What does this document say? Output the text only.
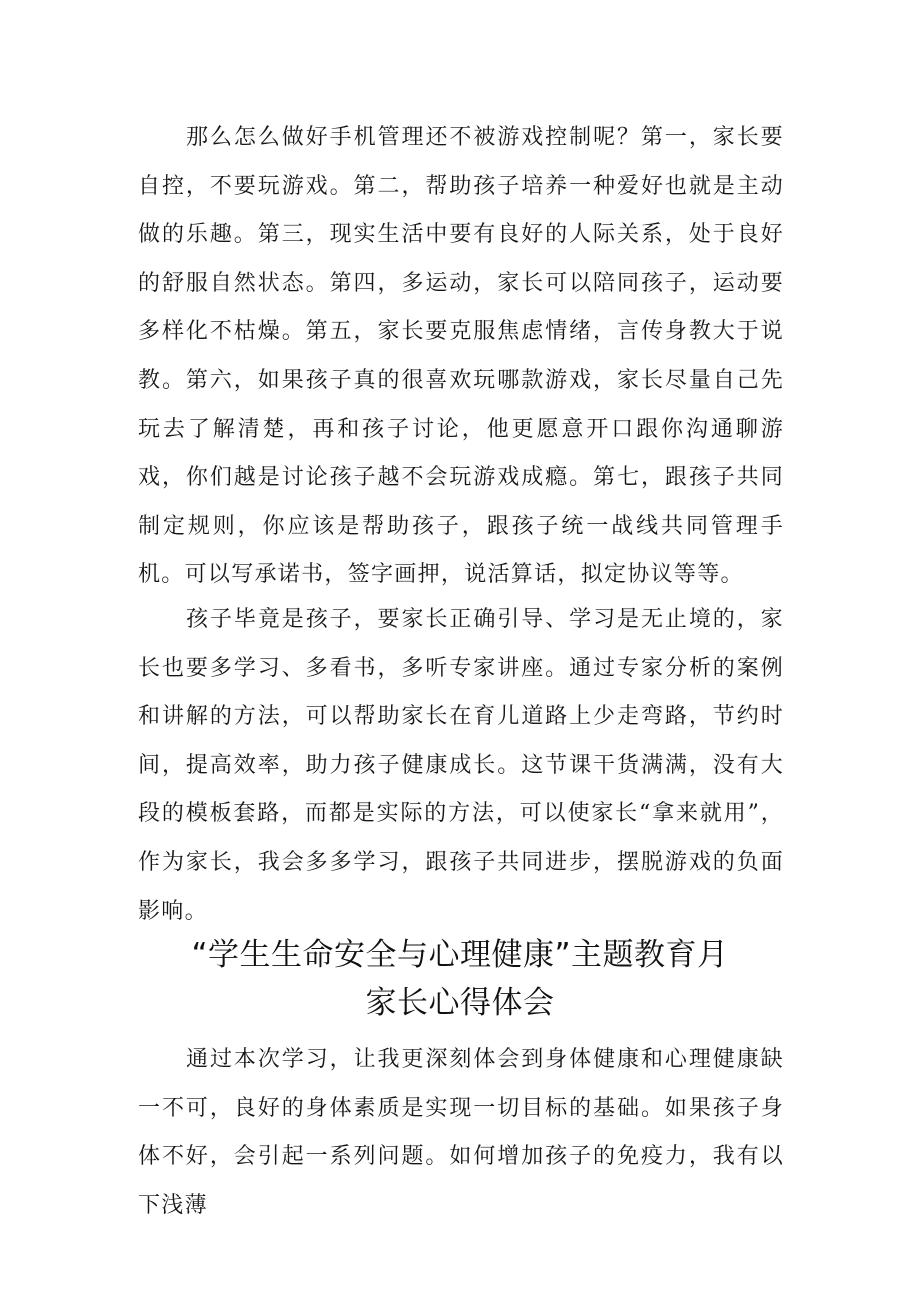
那么怎么做好手机管理还不被游戏控制呢？第一，家长要自控，不要玩游戏。第二，帮助孩子培养一种爱好也就是主动做的乐趣。第三，现实生活中要有良好的人际关系，处于良好的舒服自然状态。第四，多运动，家长可以陪同孩子，运动要多样化不枯燥。第五，家长要克服焦虑情绪，言传身教大于说教。第六，如果孩子真的很喜欢玩哪款游戏，家长尽量自己先玩去了解清楚，再和孩子讨论，他更愿意开口跟你沟通聊游戏，你们越是讨论孩子越不会玩游戏成瘾。第七，跟孩子共同制定规则，你应该是帮助孩子，跟孩子统一战线共同管理手机。可以写承诺书，签字画押，说活算话，拟定协议等等。

孩子毕竟是孩子，要家长正确引导、学习是无止境的，家长也要多学习、多看书，多听专家讲座。通过专家分析的案例和讲解的方法，可以帮助家长在育儿道路上少走弯路，节约时间，提高效率，助力孩子健康成长。这节课干货满满，没有大段的模板套路，而都是实际的方法，可以使家长“拿来就用”，作为家长，我会多多学习，跟孩子共同进步，摆脱游戏的负面影响。

“学生生命安全与心理健康”主题教育月
家长心得体会

通过本次学习，让我更深刻体会到身体健康和心理健康缺一不可，良好的身体素质是实现一切目标的基础。如果孩子身体不好，会引起一系列问题。如何增加孩子的免疫力，我有以下浅薄
